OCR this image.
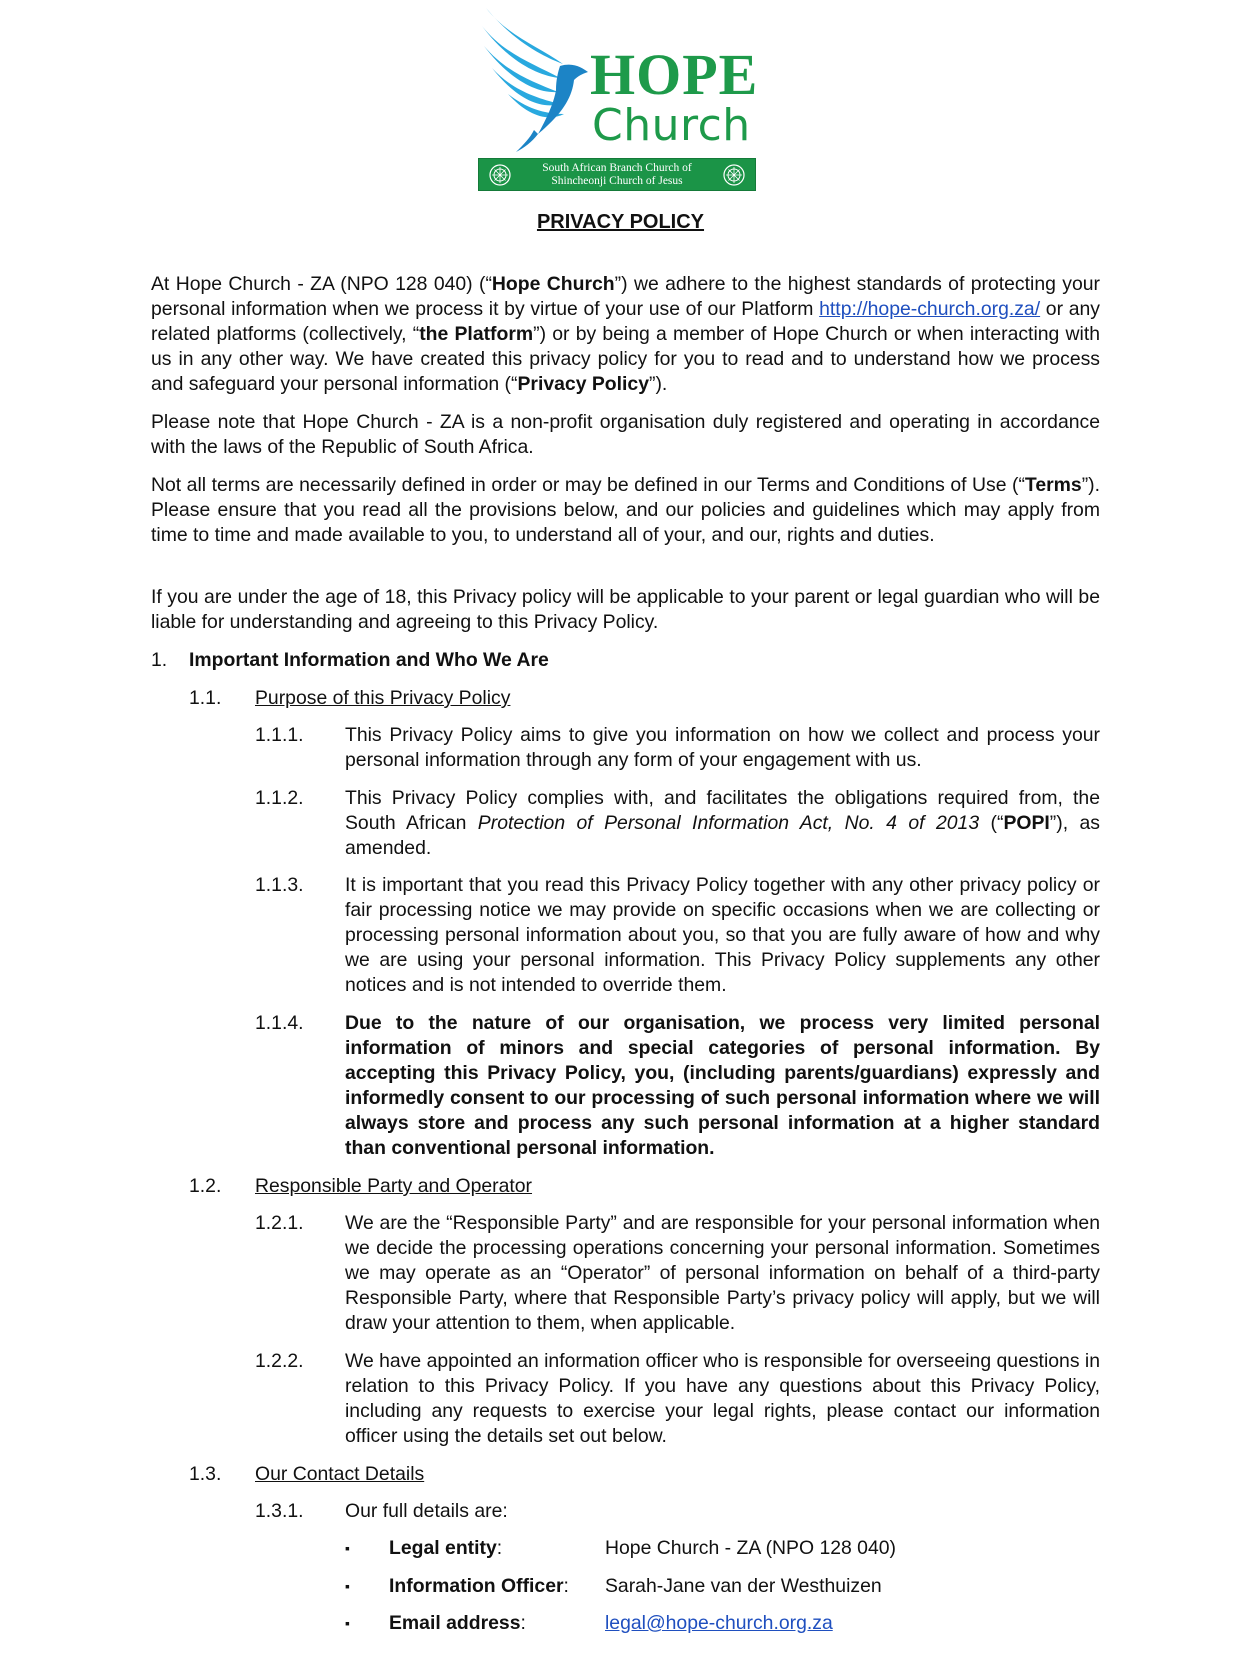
HOPE
Church
South African Branch Church of
Shincheonji Church of Jesus
PRIVACY POLICY

At Hope Church - ZA (NPO 128 040) (“Hope Church”) we adhere to the highest standards of protecting your personal information when we process it by virtue of your use of our Platform http://hope-church.org.za/ or any related platforms (collectively, “the Platform”) or by being a member of Hope Church or when interacting with us in any other way. We have created this privacy policy for you to read and to understand how we process and safeguard your personal information (“Privacy Policy”).

Please note that Hope Church - ZA is a non-profit organisation duly registered and operating in accordance with the laws of the Republic of South Africa.

Not all terms are necessarily defined in order or may be defined in our Terms and Conditions of Use (“Terms”). Please ensure that you read all the provisions below, and our policies and guidelines which may apply from time to time and made available to you, to understand all of your, and our, rights and duties.

If you are under the age of 18, this Privacy policy will be applicable to your parent or legal guardian who will be liable for understanding and agreeing to this Privacy Policy.

1. Important Information and Who We Are
1.1. Purpose of this Privacy Policy
1.1.1. This Privacy Policy aims to give you information on how we collect and process your personal information through any form of your engagement with us.

1.1.2. This Privacy Policy complies with, and facilitates the obligations required from, the South African Protection of Personal Information Act, No. 4 of 2013 (“POPI”), as amended.

1.1.3. It is important that you read this Privacy Policy together with any other privacy policy or fair processing notice we may provide on specific occasions when we are collecting or processing personal information about you, so that you are fully aware of how and why we are using your personal information. This Privacy Policy supplements any other notices and is not intended to override them.

1.1.4. Due to the nature of our organisation, we process very limited personal information of minors and special categories of personal information. By accepting this Privacy Policy, you, (including parents/guardians) expressly and informedly consent to our processing of such personal information where we will always store and process any such personal information at a higher standard than conventional personal information.

1.2. Responsible Party and Operator
1.2.1. We are the “Responsible Party” and are responsible for your personal information when we decide the processing operations concerning your personal information. Sometimes we may operate as an “Operator” of personal information on behalf of a third-party Responsible Party, where that Responsible Party’s privacy policy will apply, but we will draw your attention to them, when applicable.

1.2.2. We have appointed an information officer who is responsible for overseeing questions in relation to this Privacy Policy. If you have any questions about this Privacy Policy, including any requests to exercise your legal rights, please contact our information officer using the details set out below.

1.3. Our Contact Details
1.3.1. Our full details are:

▪ Legal entity:	Hope Church - ZA (NPO 128 040)
▪ Information Officer: Sarah-Jane van der Westhuizen
▪ Email address:	legal@hope-church.org.za
